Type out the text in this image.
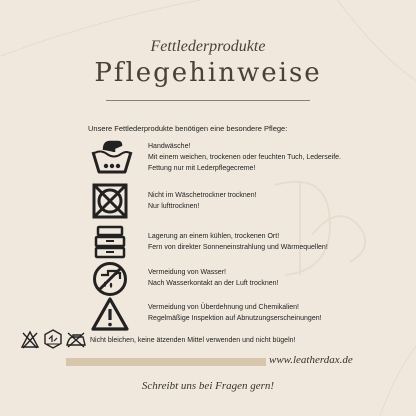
Fettlederprodukte
Pflegehinweise
Unsere Fettlederprodukte benötigen eine besondere Pflege:
Handwäsche!
Mit einem weichen, trockenen oder feuchten Tuch, Lederseife.
Fettung nur mit Lederpflegecreme!
Nicht im Wäschetrockner trocknen!
Nur lufttrocknen!
Lagerung an einem kühlen, trockenen Ort!
Fern von direkter Sonneneinstrahlung und Wärmequellen!
Vermeidung von Wasser!
Nach Wasserkontakt an der Luft trocknen!
Vermeidung von Überdehnung und Chemikalien!
Regelmäßige Inspektion auf Abnutzungserscheinungen!
Nicht bleichen, keine ätzenden Mittel verwenden und nicht bügeln!
www.leatherdax.de
Schreibt uns bei Fragen gern!
